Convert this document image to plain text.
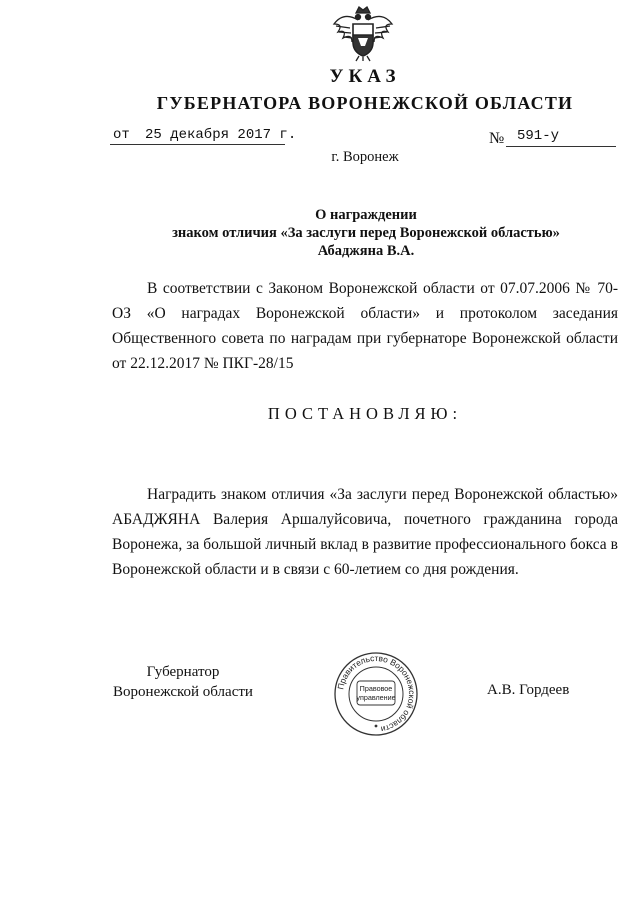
УКАЗ
ГУБЕРНАТОРА ВОРОНЕЖСКОЙ ОБЛАСТИ
от 25 декабря 2017 г.	№ 591-у
г. Воронеж
О награждении
знаком отличия «За заслуги перед Воронежской областью»
Абаджяна В.А.
В соответствии с Законом Воронежской области от 07.07.2006 № 70-ОЗ «О наградах Воронежской области» и протоколом заседания Общественного совета по наградам при губернаторе Воронежской области от 22.12.2017 № ПКГ-28/15
ПОСТАНОВЛЯЮ:
Наградить знаком отличия «За заслуги перед Воронежской областью» АБАДЖЯНА Валерия Аршалуйсовича, почетного гражданина города Воронежа, за большой личный вклад в развитие профессионального бокса в Воронежской области и в связи с 60-летием со дня рождения.
Губернатор
Воронежской области	Правительство Воронежской области
Правовое
управление	А.В. Гордеев
